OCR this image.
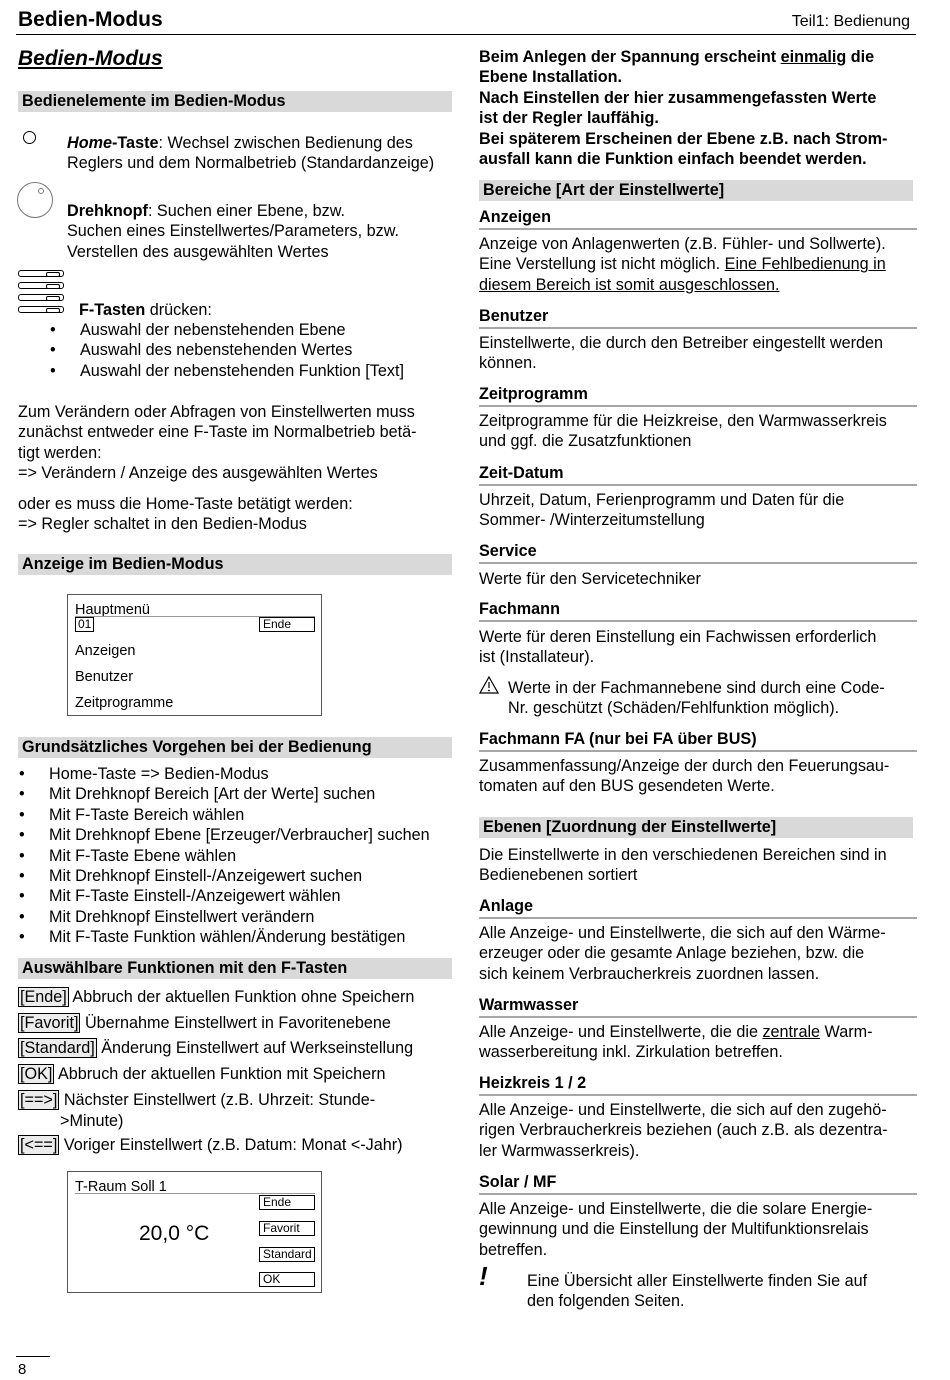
Bedien-Modus	Teil1: Bedienung
Bedien-Modus
Bedienelemente im Bedien-Modus
Home-Taste: Wechsel zwischen Bedienung des
Reglers und dem Normalbetrieb (Standardanzeige)
Drehknopf: Suchen einer Ebene, bzw.
Suchen eines Einstellwertes/Parameters, bzw.
Verstellen des ausgewählten Wertes
F-Tasten drücken:
• Auswahl der nebenstehenden Ebene
• Auswahl des nebenstehenden Wertes
• Auswahl der nebenstehenden Funktion [Text]
Zum Verändern oder Abfragen von Einstellwerten muss
zunächst entweder eine F-Taste im Normalbetrieb betä-
tigt werden:
=> Verändern / Anzeige des ausgewählten Wertes
oder es muss die Home-Taste betätigt werden:
=> Regler schaltet in den Bedien-Modus
Anzeige im Bedien-Modus
Hauptmenü
01	Ende
Anzeigen
Benutzer
Zeitprogramme
Grundsätzliches Vorgehen bei der Bedienung
• Home-Taste => Bedien-Modus
• Mit Drehknopf Bereich [Art der Werte] suchen
• Mit F-Taste Bereich wählen
• Mit Drehknopf Ebene [Erzeuger/Verbraucher] suchen
• Mit F-Taste Ebene wählen
• Mit Drehknopf Einstell-/Anzeigewert suchen
• Mit F-Taste Einstell-/Anzeigewert wählen
• Mit Drehknopf Einstellwert verändern
• Mit F-Taste Funktion wählen/Änderung bestätigen
Auswählbare Funktionen mit den F-Tasten
[Ende] Abbruch der aktuellen Funktion ohne Speichern
[Favorit] Übernahme Einstellwert in Favoritenebene
[Standard] Änderung Einstellwert auf Werkseinstellung
[OK] Abbruch der aktuellen Funktion mit Speichern
[==>] Nächster Einstellwert (z.B. Uhrzeit: Stunde-
>Minute)
[<==] Voriger Einstellwert (z.B. Datum: Monat <-Jahr)
T-Raum Soll 1
20,0 °C
Ende
Favorit
Standard
OK
8
Beim Anlegen der Spannung erscheint einmalig die
Ebene Installation.
Nach Einstellen der hier zusammengefassten Werte
ist der Regler lauffähig.
Bei späterem Erscheinen der Ebene z.B. nach Strom-
ausfall kann die Funktion einfach beendet werden.
Bereiche [Art der Einstellwerte]
Anzeigen
Anzeige von Anlagenwerten (z.B. Fühler- und Sollwerte).
Eine Verstellung ist nicht möglich. Eine Fehlbedienung in
diesem Bereich ist somit ausgeschlossen.
Benutzer
Einstellwerte, die durch den Betreiber eingestellt werden
können.
Zeitprogramm
Zeitprogramme für die Heizkreise, den Warmwasserkreis
und ggf. die Zusatzfunktionen
Zeit-Datum
Uhrzeit, Datum, Ferienprogramm und Daten für die
Sommer- /Winterzeitumstellung
Service
Werte für den Servicetechniker
Fachmann
Werte für deren Einstellung ein Fachwissen erforderlich
ist (Installateur).
Werte in der Fachmannebene sind durch eine Code-
Nr. geschützt (Schäden/Fehlfunktion möglich).
Fachmann FA (nur bei FA über BUS)
Zusammenfassung/Anzeige der durch den Feuerungsau-
tomaten auf den BUS gesendeten Werte.
Ebenen [Zuordnung der Einstellwerte]
Die Einstellwerte in den verschiedenen Bereichen sind in
Bedienebenen sortiert
Anlage
Alle Anzeige- und Einstellwerte, die sich auf den Wärme-
erzeuger oder die gesamte Anlage beziehen, bzw. die
sich keinem Verbraucherkreis zuordnen lassen.
Warmwasser
Alle Anzeige- und Einstellwerte, die die zentrale Warm-
wasserbereitung inkl. Zirkulation betreffen.
Heizkreis 1 / 2
Alle Anzeige- und Einstellwerte, die sich auf den zugehö-
rigen Verbraucherkreis beziehen (auch z.B. als dezentra-
ler Warmwasserkreis).
Solar / MF
Alle Anzeige- und Einstellwerte, die die solare Energie-
gewinnung und die Einstellung der Multifunktionsrelais
betreffen.
! Eine Übersicht aller Einstellwerte finden Sie auf
den folgenden Seiten.
